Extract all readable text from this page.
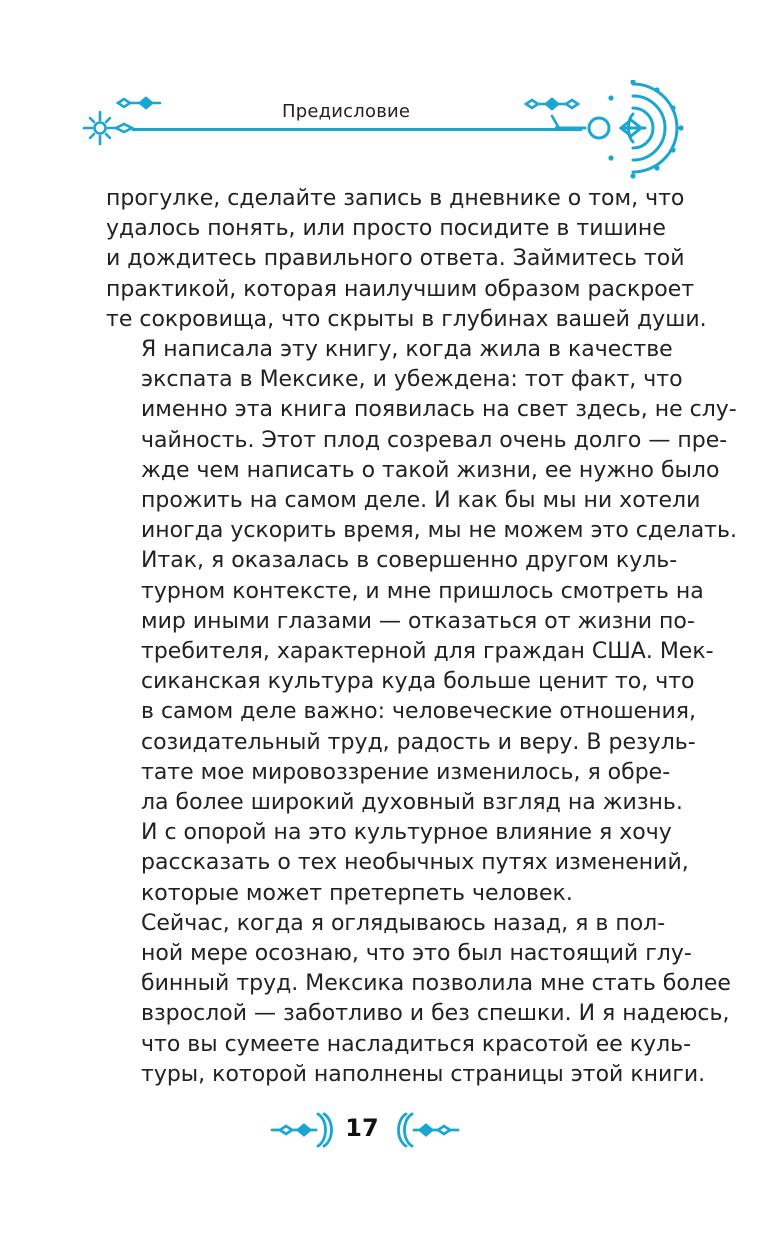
Предисловие

прогулке, сделайте запись в дневнике о том, что
удалось понять, или просто посидите в тишине
и дождитесь правильного ответа. Займитесь той
практикой, которая наилучшим образом раскроет
те сокровища, что скрыты в глубинах вашей души.

Я написала эту книгу, когда жила в качестве
экспата в Мексике, и убеждена: тот факт, что
именно эта книга появилась на свет здесь, не слу-
чайность. Этот плод созревал очень долго — пре-
жде чем написать о такой жизни, ее нужно было
прожить на самом деле. И как бы мы ни хотели
иногда ускорить время, мы не можем это сделать.

Итак, я оказалась в совершенно другом куль-
турном контексте, и мне пришлось смотреть на
мир иными глазами — отказаться от жизни по-
требителя, характерной для граждан США. Мек-
сиканская культура куда больше ценит то, что
в самом деле важно: человеческие отношения,
созидательный труд, радость и веру. В резуль-
тате мое мировоззрение изменилось, я обре-
ла более широкий духовный взгляд на жизнь.
И с опорой на это культурное влияние я хочу
рассказать о тех необычных путях изменений,
которые может претерпеть человек.

Сейчас, когда я оглядываюсь назад, я в пол-
ной мере осознаю, что это был настоящий глу-
бинный труд. Мексика позволила мне стать более
взрослой — заботливо и без спешки. И я надеюсь,
что вы сумеете насладиться красотой ее куль-
туры, которой наполнены страницы этой книги.

17
